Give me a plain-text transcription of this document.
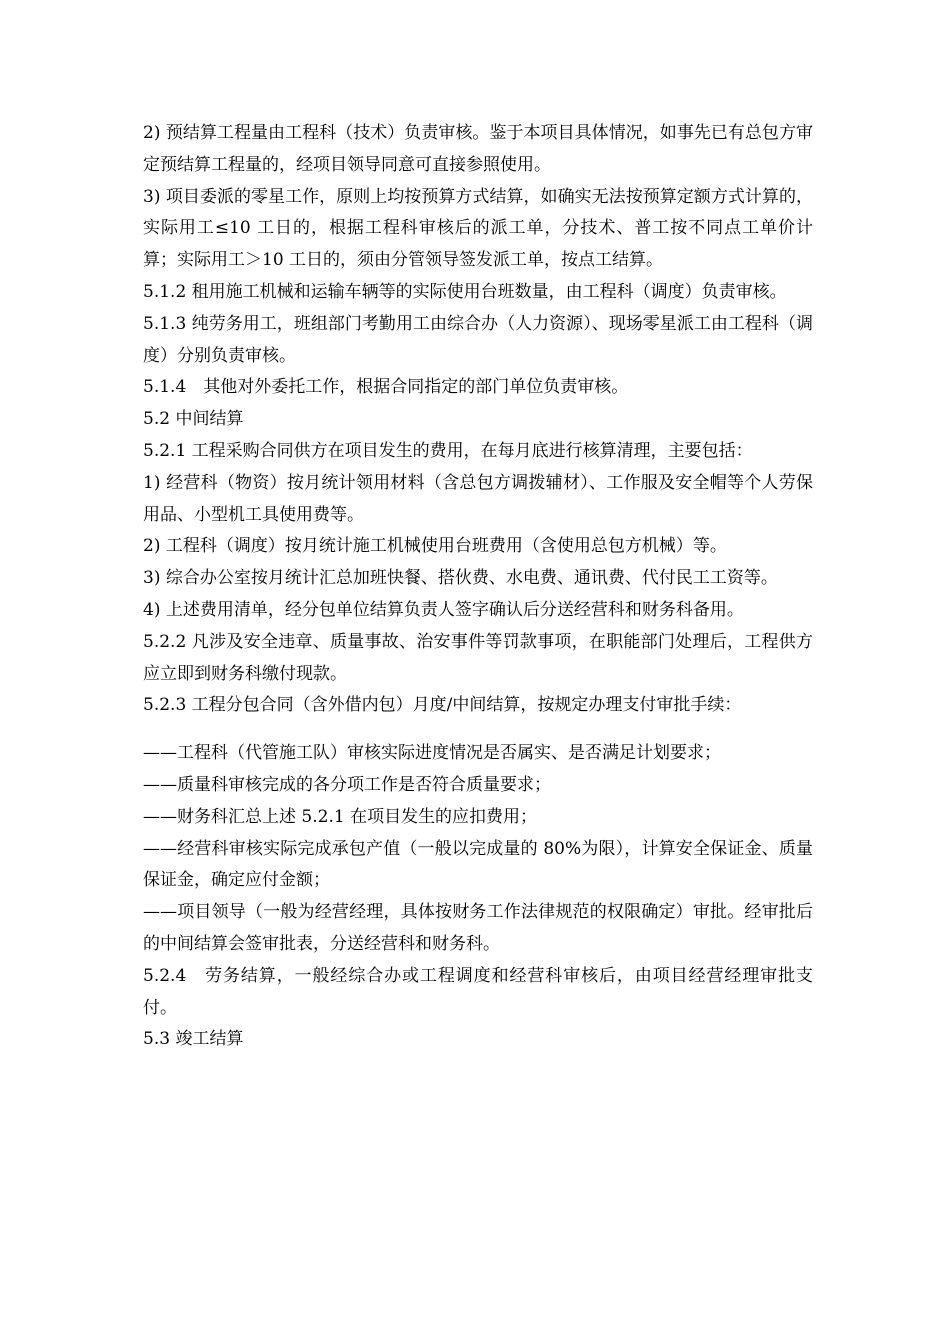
2) 预结算工程量由工程科（技术）负责审核。鉴于本项目具体情况，如事先已有总包方审定预结算工程量的，经项目领导同意可直接参照使用。

3) 项目委派的零星工作，原则上均按预算方式结算，如确实无法按预算定额方式计算的，实际用工≤10 工日的，根据工程科审核后的派工单，分技术、普工按不同点工单价计算；实际用工＞10 工日的，须由分管领导签发派工单，按点工结算。

5.1.2 租用施工机械和运输车辆等的实际使用台班数量，由工程科（调度）负责审核。

5.1.3 纯劳务用工，班组部门考勤用工由综合办（人力资源）、现场零星派工由工程科（调度）分别负责审核。

5.1.4　其他对外委托工作，根据合同指定的部门单位负责审核。

5.2 中间结算

5.2.1 工程采购合同供方在项目发生的费用，在每月底进行核算清理，主要包括：

1) 经营科（物资）按月统计领用材料（含总包方调拨辅材）、工作服及安全帽等个人劳保用品、小型机工具使用费等。

2) 工程科（调度）按月统计施工机械使用台班费用（含使用总包方机械）等。

3) 综合办公室按月统计汇总加班快餐、搭伙费、水电费、通讯费、代付民工工资等。

4) 上述费用清单，经分包单位结算负责人签字确认后分送经营科和财务科备用。

5.2.2 凡涉及安全违章、质量事故、治安事件等罚款事项，在职能部门处理后，工程供方应立即到财务科缴付现款。

5.2.3 工程分包合同（含外借内包）月度/中间结算，按规定办理支付审批手续：

——工程科（代管施工队）审核实际进度情况是否属实、是否满足计划要求；

——质量科审核完成的各分项工作是否符合质量要求；

——财务科汇总上述 5.2.1 在项目发生的应扣费用；

——经营科审核实际完成承包产值（一般以完成量的 80%为限），计算安全保证金、质量保证金，确定应付金额；

——项目领导（一般为经营经理，具体按财务工作法律规范的权限确定）审批。经审批后的中间结算会签审批表，分送经营科和财务科。

5.2.4　劳务结算，一般经综合办或工程调度和经营科审核后，由项目经营经理审批支付。

5.3 竣工结算
